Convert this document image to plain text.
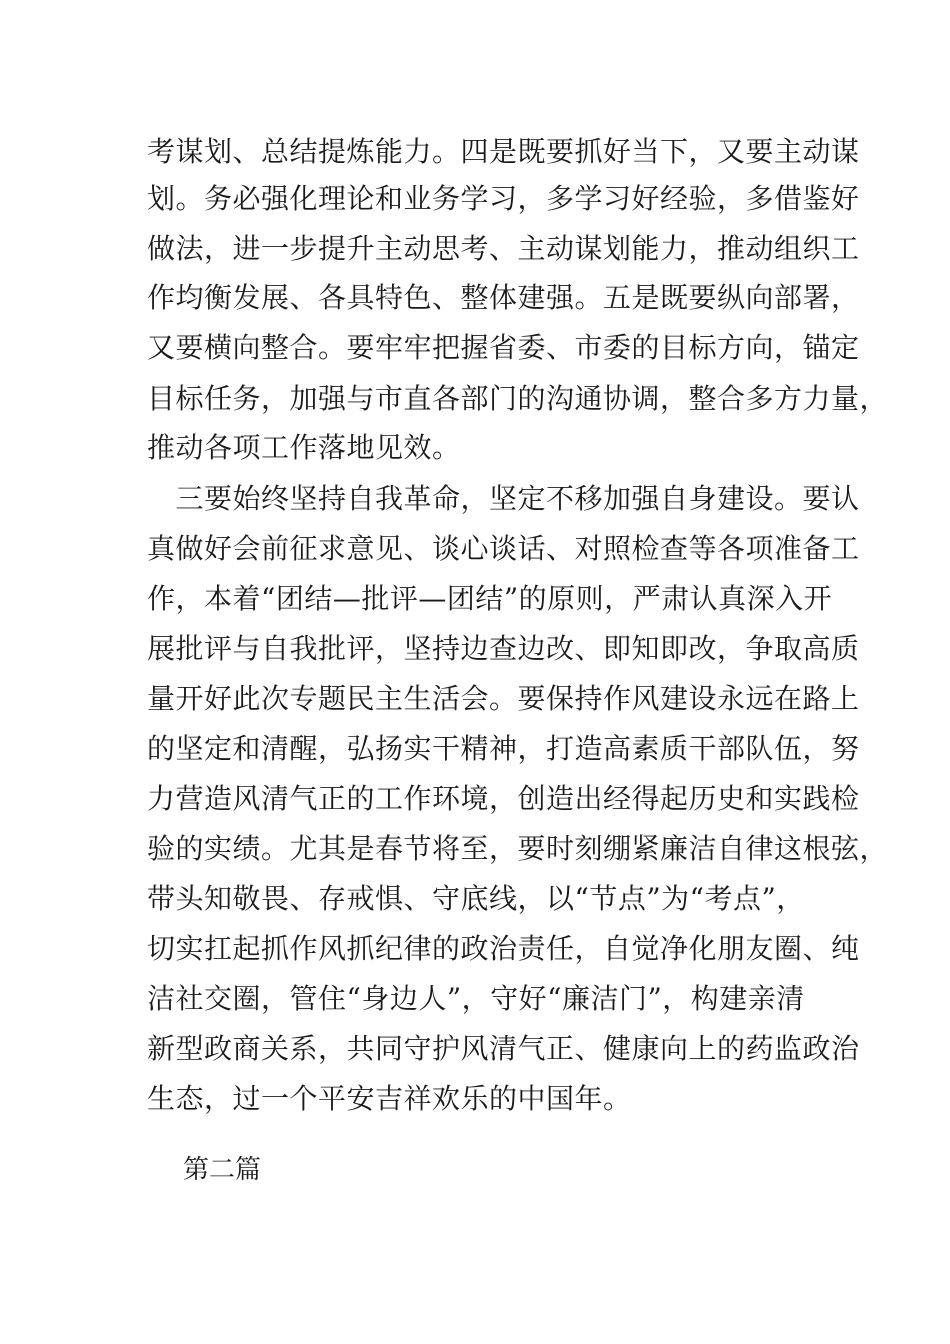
考谋划、总结提炼能力。四是既要抓好当下，又要主动谋
划。务必强化理论和业务学习，多学习好经验，多借鉴好
做法，进一步提升主动思考、主动谋划能力，推动组织工
作均衡发展、各具特色、整体建强。五是既要纵向部署，
又要横向整合。要牢牢把握省委、市委的目标方向，锚定
目标任务，加强与市直各部门的沟通协调，整合多方力量，
推动各项工作落地见效。
　三要始终坚持自我革命，坚定不移加强自身建设。要认
真做好会前征求意见、谈心谈话、对照检查等各项准备工
作，本着“团结—批评—团结”的原则，严肃认真深入开
展批评与自我批评，坚持边查边改、即知即改，争取高质
量开好此次专题民主生活会。要保持作风建设永远在路上
的坚定和清醒，弘扬实干精神，打造高素质干部队伍，努
力营造风清气正的工作环境，创造出经得起历史和实践检
验的实绩。尤其是春节将至，要时刻绷紧廉洁自律这根弦，
带头知敬畏、存戒惧、守底线，以“节点”为“考点”，
切实扛起抓作风抓纪律的政治责任，自觉净化朋友圈、纯
洁社交圈，管住“身边人”，守好“廉洁门”，构建亲清
新型政商关系，共同守护风清气正、健康向上的药监政治
生态，过一个平安吉祥欢乐的中国年。
第二篇
